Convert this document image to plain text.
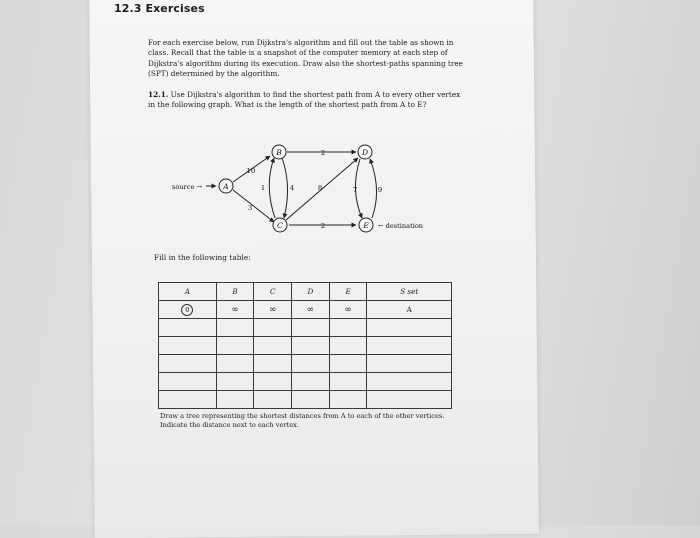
12.3 Exercises
For each exercise below, run Dijkstra's algorithm and fill out the table as shown in class. Recall that the table is a snapshot of the computer memory at each step of Dijkstra's algorithm during its execution. Draw also the shortest-paths spanning tree (SPT) determined by the algorithm.
12.1. Use Dijkstra's algorithm to find the shortest path from A to every other vertex in the following graph. What is the length of the shortest path from A to E?
A
B
C
D
E
10
3
1	4
2
8	7	9
2
source →
← destination
Fill in the following table:
A	B	C	D	E	S set
0	∞	∞	∞	∞	A

Draw a tree representing the shortest distances from A to each of the other vertices. Indicate the distance next to each vertex.
